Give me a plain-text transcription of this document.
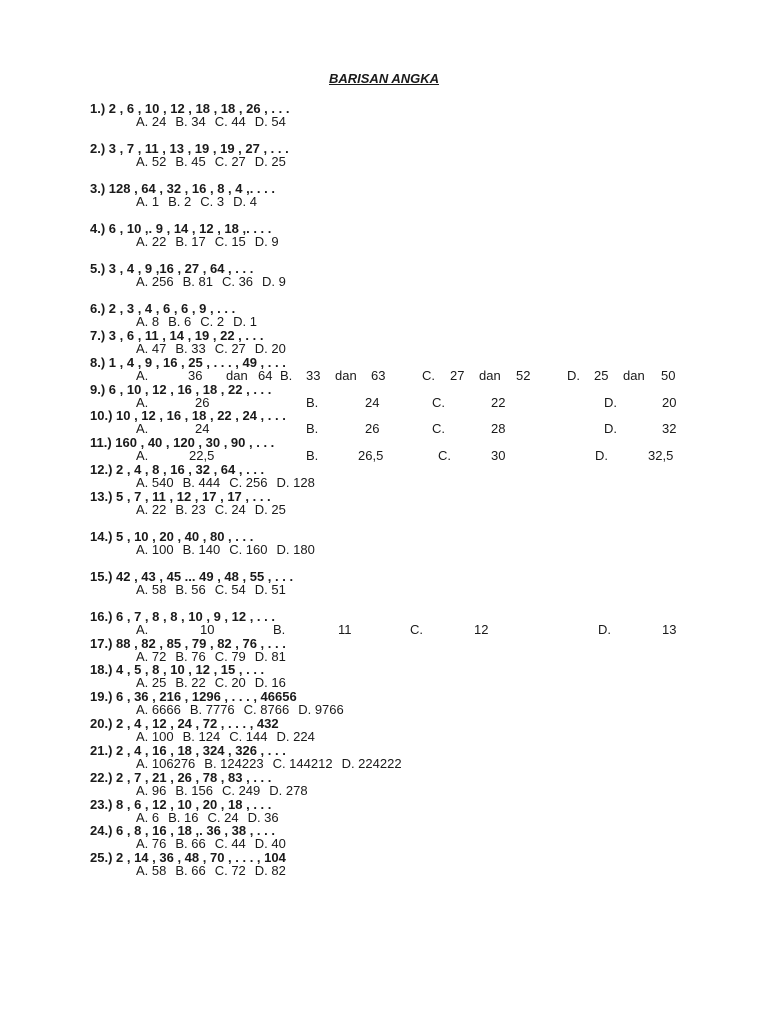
BARISAN ANGKA
1.) 2 , 6 , 10 , 12 , 18 , 18 , 26 , . . .
A. 24 B. 34 C. 44 D. 54
2.) 3 , 7 , 11 , 13 , 19 , 19 , 27 , . . .
A. 52 B. 45 C. 27 D. 25
3.) 128 , 64 , 32 , 16 , 8 , 4 ,. . . .
A. 1 B. 2 C. 3 D. 4
4.) 6 , 10 ,. 9 , 14 , 12 , 18 ,. . . .
A. 22 B. 17 C. 15 D. 9
5.) 3 , 4 , 9 ,16 , 27 , 64 , . . .
A. 256 B. 81 C. 36 D. 9
6.) 2 , 3 , 4 , 6 , 6 , 9 , . . .
A. 8 B. 6 C. 2 D. 1
7.) 3 , 6 , 11 , 14 , 19 , 22 , . . .
A. 47 B. 33 C. 27 D. 20
8.) 1 , 4 , 9 , 16 , 25 , . . . , 49 , . . .
A.	36 dan 64 B. 33 dan 63	C. 27 dan 52	D. 25 dan 50
9.) 6 , 10 , 12 , 16 , 18 , 22 , . . .
A.	26	B.	24	C.	22	D.	20
10.) 10 , 12 , 16 , 18 , 22 , 24 , . . .
A.	24	B.	26	C.	28	D.	32
11.) 160 , 40 , 120 , 30 , 90 , . . .
A.	22,5	B.	26,5	C.	30	D.	32,5
12.) 2 , 4 , 8 , 16 , 32 , 64 , . . .
A. 540 B. 444 C. 256 D. 128
13.) 5 , 7 , 11 , 12 , 17 , 17 , . . .
A. 22 B. 23 C. 24 D. 25
14.) 5 , 10 , 20 , 40 , 80 , . . .
A. 100 B. 140 C. 160 D. 180
15.) 42 , 43 , 45 ... 49 , 48 , 55 , . . .
A. 58 B. 56 C. 54 D. 51
16.) 6 , 7 , 8 , 8 , 10 , 9 , 12 , . . .
A.	10	B.	11	C.	12	D.	13
17.) 88 , 82 , 85 , 79 , 82 , 76 , . . .
A. 72 B. 76 C. 79 D. 81
18.) 4 , 5 , 8 , 10 , 12 , 15 , . . .
A. 25 B. 22 C. 20 D. 16
19.) 6 , 36 , 216 , 1296 , . . . , 46656
A. 6666 B. 7776 C. 8766 D. 9766
20.) 2 , 4 , 12 , 24 , 72 , . . . , 432
A. 100 B. 124 C. 144 D. 224
21.) 2 , 4 , 16 , 18 , 324 , 326 , . . .
A. 106276 B. 124223 C. 144212 D. 224222
22.) 2 , 7 , 21 , 26 , 78 , 83 , . . .
A. 96 B. 156 C. 249 D. 278
23.) 8 , 6 , 12 , 10 , 20 , 18 , . . .
A. 6 B. 16 C. 24 D. 36
24.) 6 , 8 , 16 , 18 ,. 36 , 38 , . . .
A. 76 B. 66 C. 44 D. 40
25.) 2 , 14 , 36 , 48 , 70 , . . . , 104
A. 58 B. 66 C. 72 D. 82
